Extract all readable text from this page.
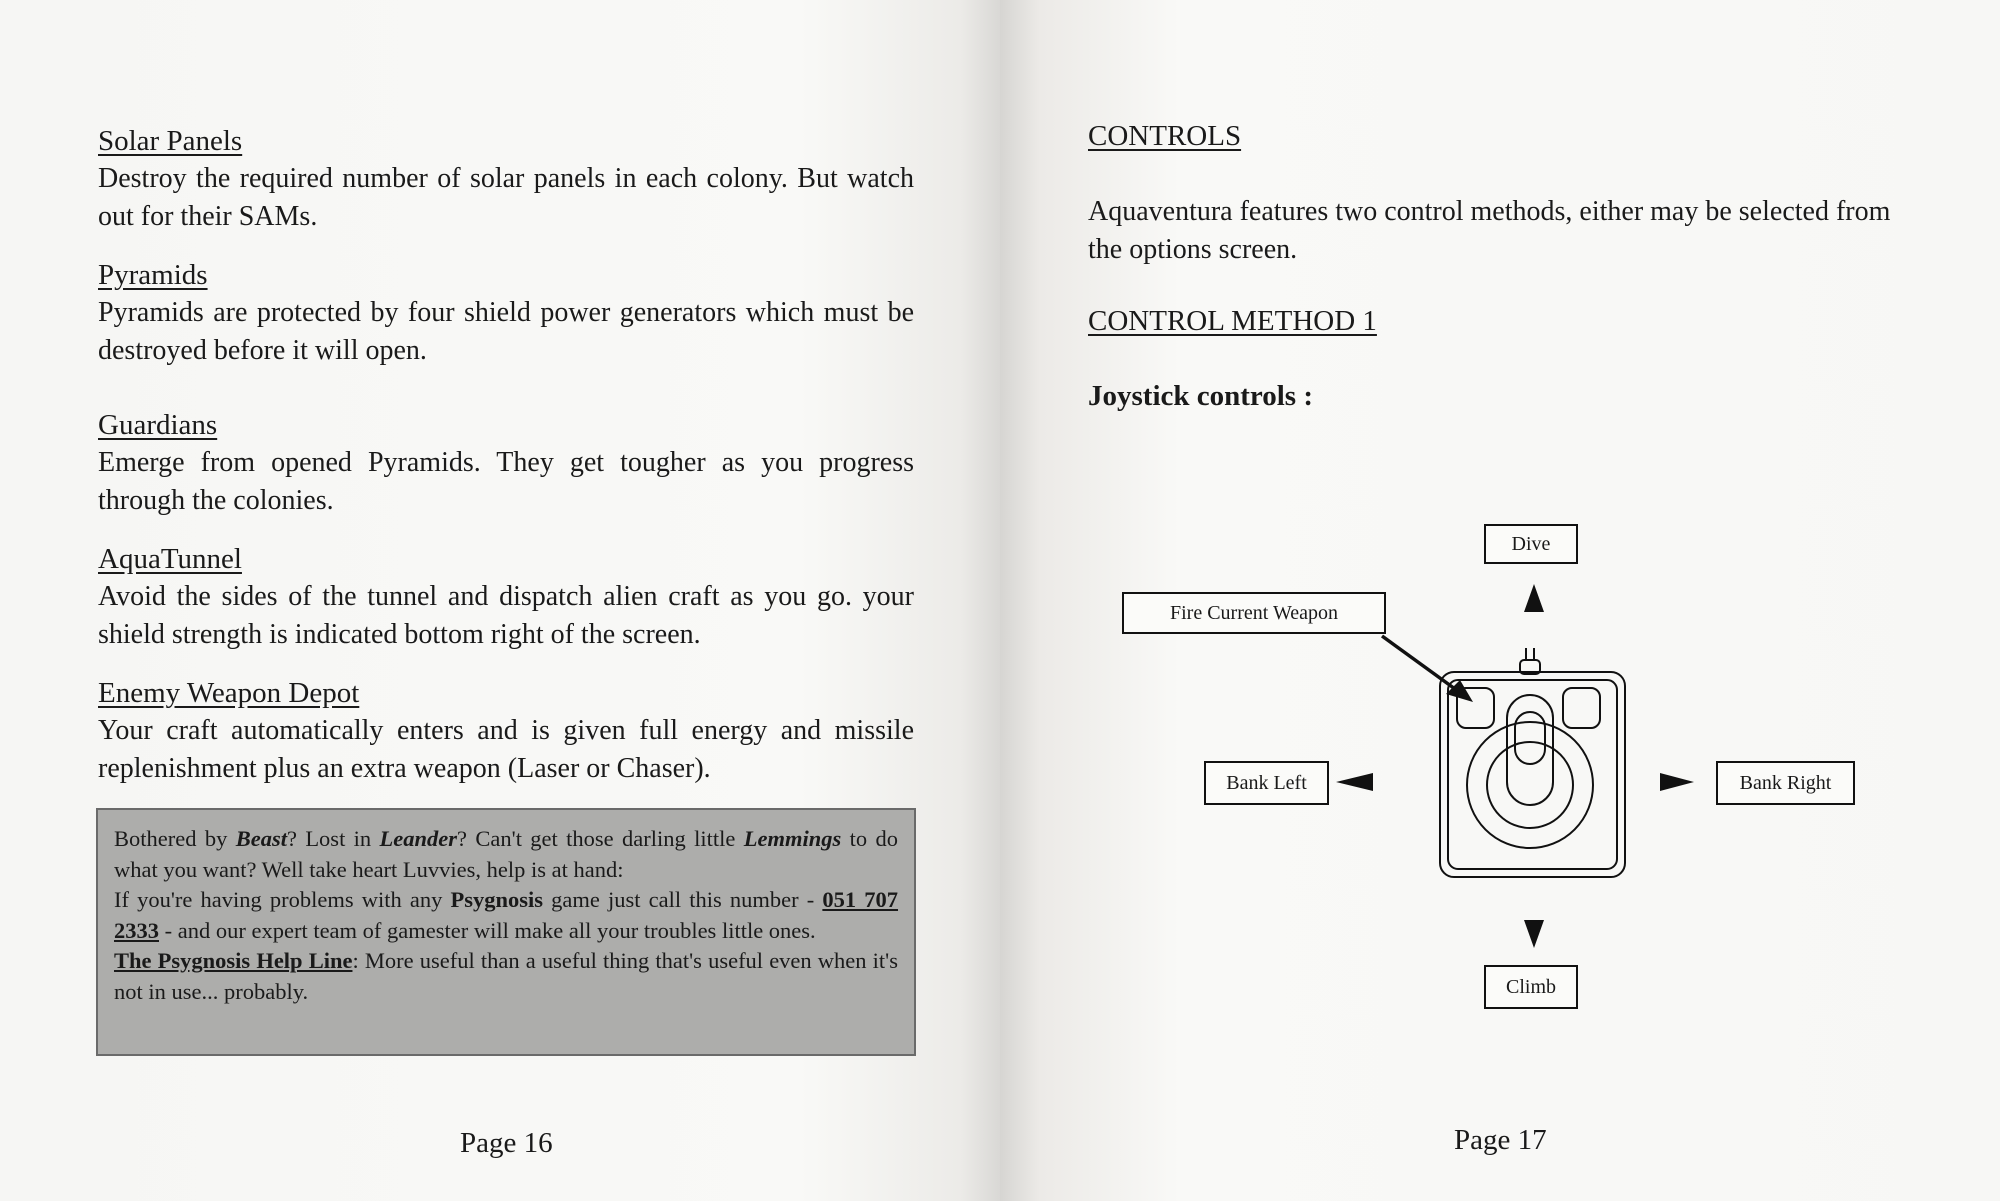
Solar Panels

Destroy the required number of solar panels in each colony. But watch out for their SAMs.

Pyramids

Pyramids are protected by four shield power generators which must be destroyed before it will open.

Guardians

Emerge from opened Pyramids. They get tougher as you progress through the colonies.

AquaTunnel

Avoid the sides of the tunnel and dispatch alien craft as you go. your shield strength is indicated bottom right of the screen.

Enemy Weapon Depot

Your craft automatically enters and is given full energy and missile replenishment plus an extra weapon (Laser or Chaser).

Bothered by Beast? Lost in Leander? Can't get those darling little Lemmings to do what you want? Well take heart Luvvies, help is at hand:
If you're having problems with any Psygnosis game just call this number - 051 707 2333 - and our expert team of gamester will make all your troubles little ones.
The Psygnosis Help Line: More useful than a useful thing that's useful even when it's not in use... probably.
Page 16

CONTROLS

Aquaventura features two control methods, either may be selected from the options screen.

CONTROL METHOD 1

Joystick controls :

Dive
Fire Current Weapon
Bank Left	Bank Right
Climb
Page 17
